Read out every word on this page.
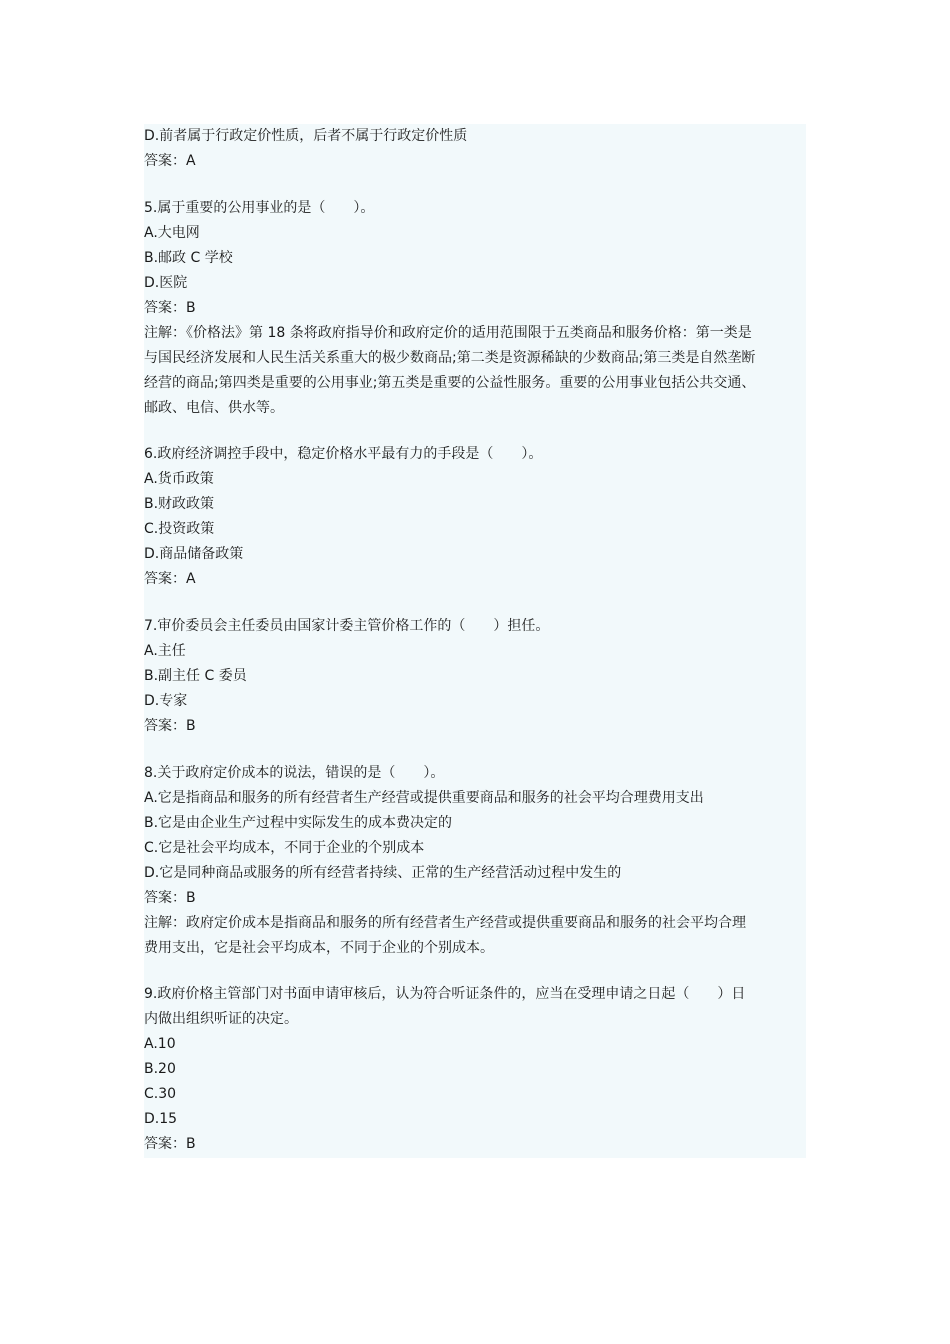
D.前者属于行政定价性质，后者不属于行政定价性质
答案：A
5.属于重要的公用事业的是（　　）。
A.大电网
B.邮政 C 学校
D.医院
答案：B
注解：《价格法》第 18 条将政府指导价和政府定价的适用范围限于五类商品和服务价格：第一类是
与国民经济发展和人民生活关系重大的极少数商品;第二类是资源稀缺的少数商品;第三类是自然垄断
经营的商品;第四类是重要的公用事业;第五类是重要的公益性服务。重要的公用事业包括公共交通、
邮政、电信、供水等。
6.政府经济调控手段中，稳定价格水平最有力的手段是（　　）。
A.货币政策
B.财政政策
C.投资政策
D.商品储备政策
答案：A
7.审价委员会主任委员由国家计委主管价格工作的（　　）担任。
A.主任
B.副主任 C 委员
D.专家
答案：B
8.关于政府定价成本的说法，错误的是（　　）。
A.它是指商品和服务的所有经营者生产经营或提供重要商品和服务的社会平均合理费用支出
B.它是由企业生产过程中实际发生的成本费决定的
C.它是社会平均成本，不同于企业的个别成本
D.它是同种商品或服务的所有经营者持续、正常的生产经营活动过程中发生的
答案：B
注解：政府定价成本是指商品和服务的所有经营者生产经营或提供重要商品和服务的社会平均合理
费用支出，它是社会平均成本，不同于企业的个别成本。
9.政府价格主管部门对书面申请审核后，认为符合听证条件的，应当在受理申请之日起（　　）日
内做出组织听证的决定。
A.10
B.20
C.30
D.15
答案：B
